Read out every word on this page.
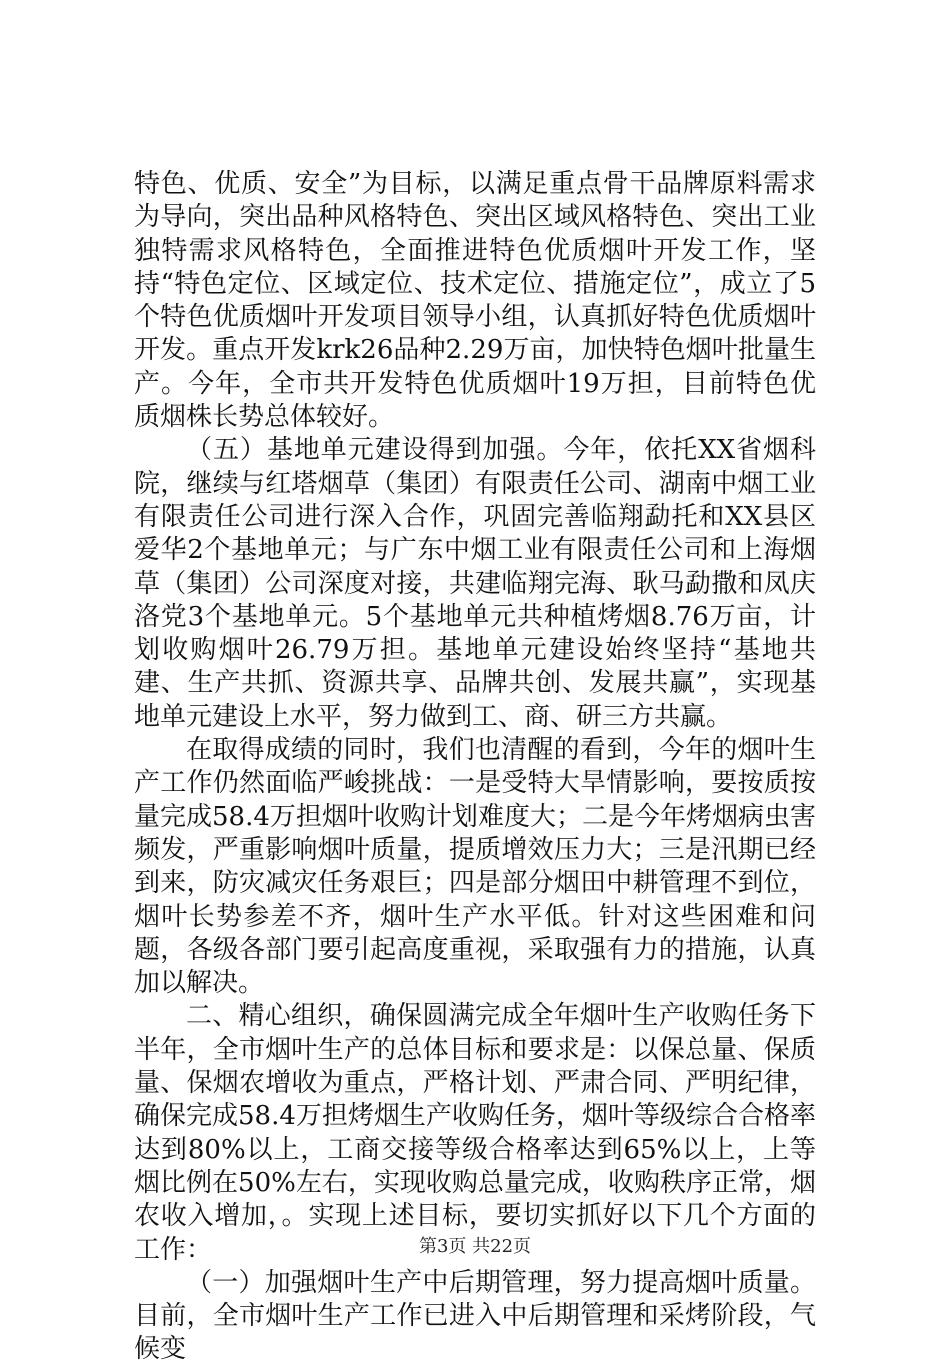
特色、优质、安全”为目标，以满足重点骨干品牌原料需求为导向，突出品种风格特色、突出区域风格特色、突出工业独特需求风格特色，全面推进特色优质烟叶开发工作，坚持“特色定位、区域定位、技术定位、措施定位”，成立了5个特色优质烟叶开发项目领导小组，认真抓好特色优质烟叶开发。重点开发krk26品种2.29万亩，加快特色烟叶批量生产。今年，全市共开发特色优质烟叶19万担，目前特色优质烟株长势总体较好。

（五）基地单元建设得到加强。今年，依托XX省烟科院，继续与红塔烟草（集团）有限责任公司、湖南中烟工业有限责任公司进行深入合作，巩固完善临翔勐托和XX县区爱华2个基地单元；与广东中烟工业有限责任公司和上海烟草（集团）公司深度对接，共建临翔完海、耿马勐撒和凤庆洛党3个基地单元。5个基地单元共种植烤烟8.76万亩，计划收购烟叶26.79万担。基地单元建设始终坚持“基地共建、生产共抓、资源共享、品牌共创、发展共赢”，实现基地单元建设上水平，努力做到工、商、研三方共赢。

在取得成绩的同时，我们也清醒的看到，今年的烟叶生产工作仍然面临严峻挑战：一是受特大旱情影响，要按质按量完成58.4万担烟叶收购计划难度大；二是今年烤烟病虫害频发，严重影响烟叶质量，提质增效压力大；三是汛期已经到来，防灾减灾任务艰巨；四是部分烟田中耕管理不到位，烟叶长势参差不齐，烟叶生产水平低。针对这些困难和问题，各级各部门要引起高度重视，采取强有力的措施，认真加以解决。

二、精心组织，确保圆满完成全年烟叶生产收购任务下半年，全市烟叶生产的总体目标和要求是：以保总量、保质量、保烟农增收为重点，严格计划、严肃合同、严明纪律，确保完成58.4万担烤烟生产收购任务，烟叶等级综合合格率达到80%以上，工商交接等级合格率达到65%以上，上等烟比例在50%左右，实现收购总量完成，收购秩序正常，烟农收入增加，。实现上述目标，要切实抓好以下几个方面的工作：

（一）加强烟叶生产中后期管理，努力提高烟叶质量。目前，全市烟叶生产工作已进入中后期管理和采烤阶段，气候变

第3页 共22页
